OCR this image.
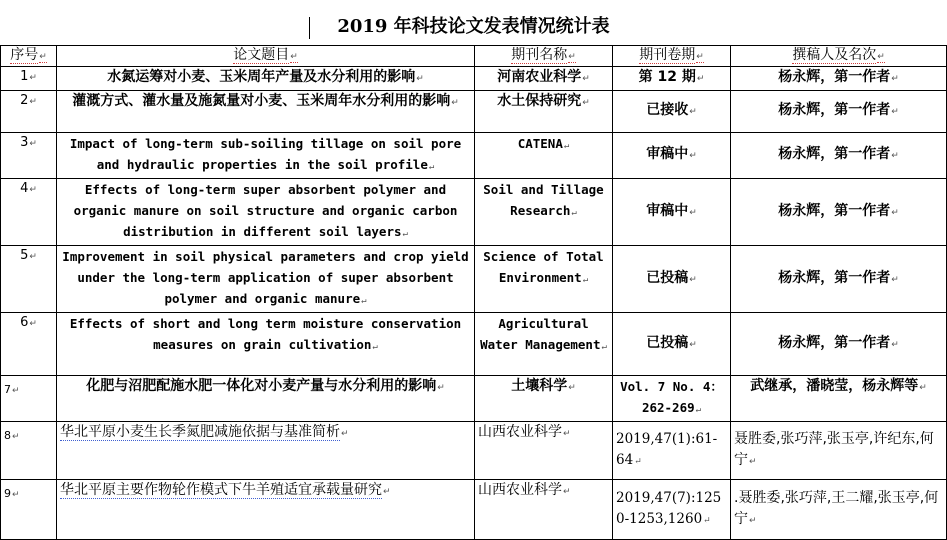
2019 年科技论文发表情况统计表
序号↵	论文题目↵	期刊名称↵	期刊卷期↵	撰稿人及名次↵
1↵	水氮运筹对小麦、玉米周年产量及水分利用的影响↵	河南农业科学↵	第 12 期↵	杨永辉，第一作者↵
2↵	灌溉方式、灌水量及施氮量对小麦、玉米周年水分利用的影响↵	水土保持研究↵	已接收↵	杨永辉，第一作者↵
3↵	Impact of long-term sub-soiling tillage on soil pore and hydraulic properties in the soil profile↵	CATENA↵	审稿中↵	杨永辉，第一作者↵
4↵	Effects of long-term super absorbent polymer and organic manure on soil structure and organic carbon distribution in different soil layers↵	Soil and Tillage Research↵	审稿中↵	杨永辉，第一作者↵
5↵	Improvement in soil physical parameters and crop yield under the long-term application of super absorbent polymer and organic manure↵	Science of Total Environment↵	已投稿↵	杨永辉，第一作者↵
6↵	Effects of short and long term moisture conservation measures on grain cultivation↵	Agricultural Water Management↵	已投稿↵	杨永辉，第一作者↵
7↵	化肥与沼肥配施水肥一体化对小麦产量与水分利用的影响↵	土壤科学↵	Vol. 7 No. 4：262-269↵	武继承，潘晓莹，杨永辉等↵
8↵	华北平原小麦生长季氮肥减施依据与基准简析↵	山西农业科学↵	2019,47(1):61-64↵	聂胜委,张巧萍,张玉亭,许纪东,何宁↵
9↵	华北平原主要作物轮作模式下牛羊殖适宜承载量研究↵	山西农业科学↵	2019,47(7):1250-1253,1260↵	.聂胜委,张巧萍,王二耀,张玉亭,何宁↵
